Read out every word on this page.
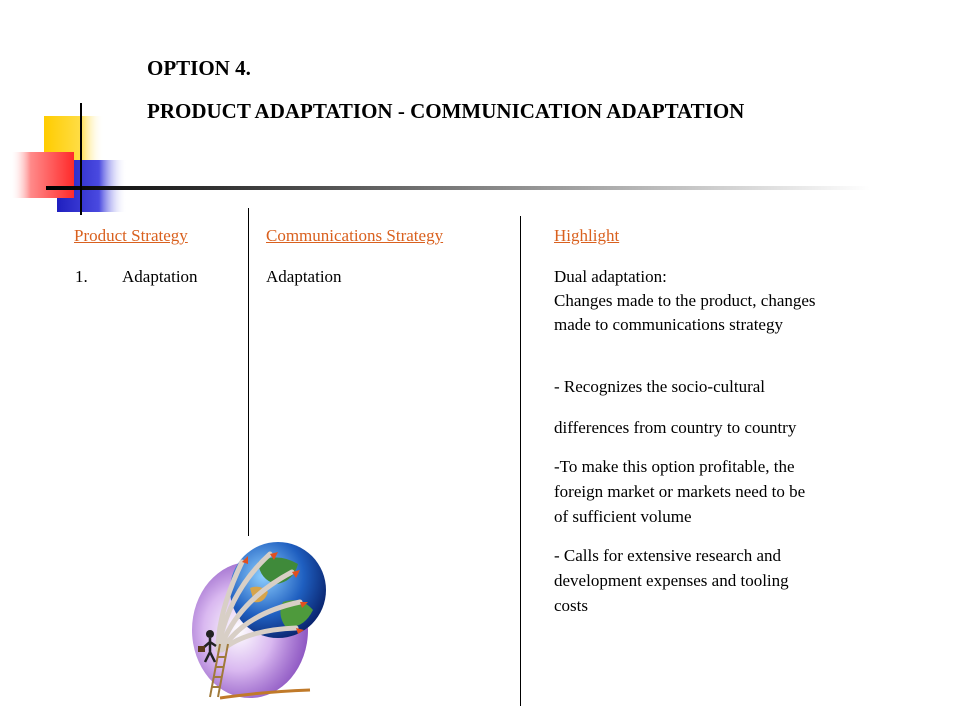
OPTION 4.
PRODUCT ADAPTATION - COMMUNICATION ADAPTATION
Product Strategy	Communications Strategy	Highlight
1. Adaptation	Adaptation	Dual adaptation:
Changes made to the product, changes
made to communications strategy
- Recognizes the socio-cultural
differences from country to country
-To make this option profitable, the
foreign market or markets need to be
of sufficient volume
- Calls for extensive research and
development expenses and tooling
costs
